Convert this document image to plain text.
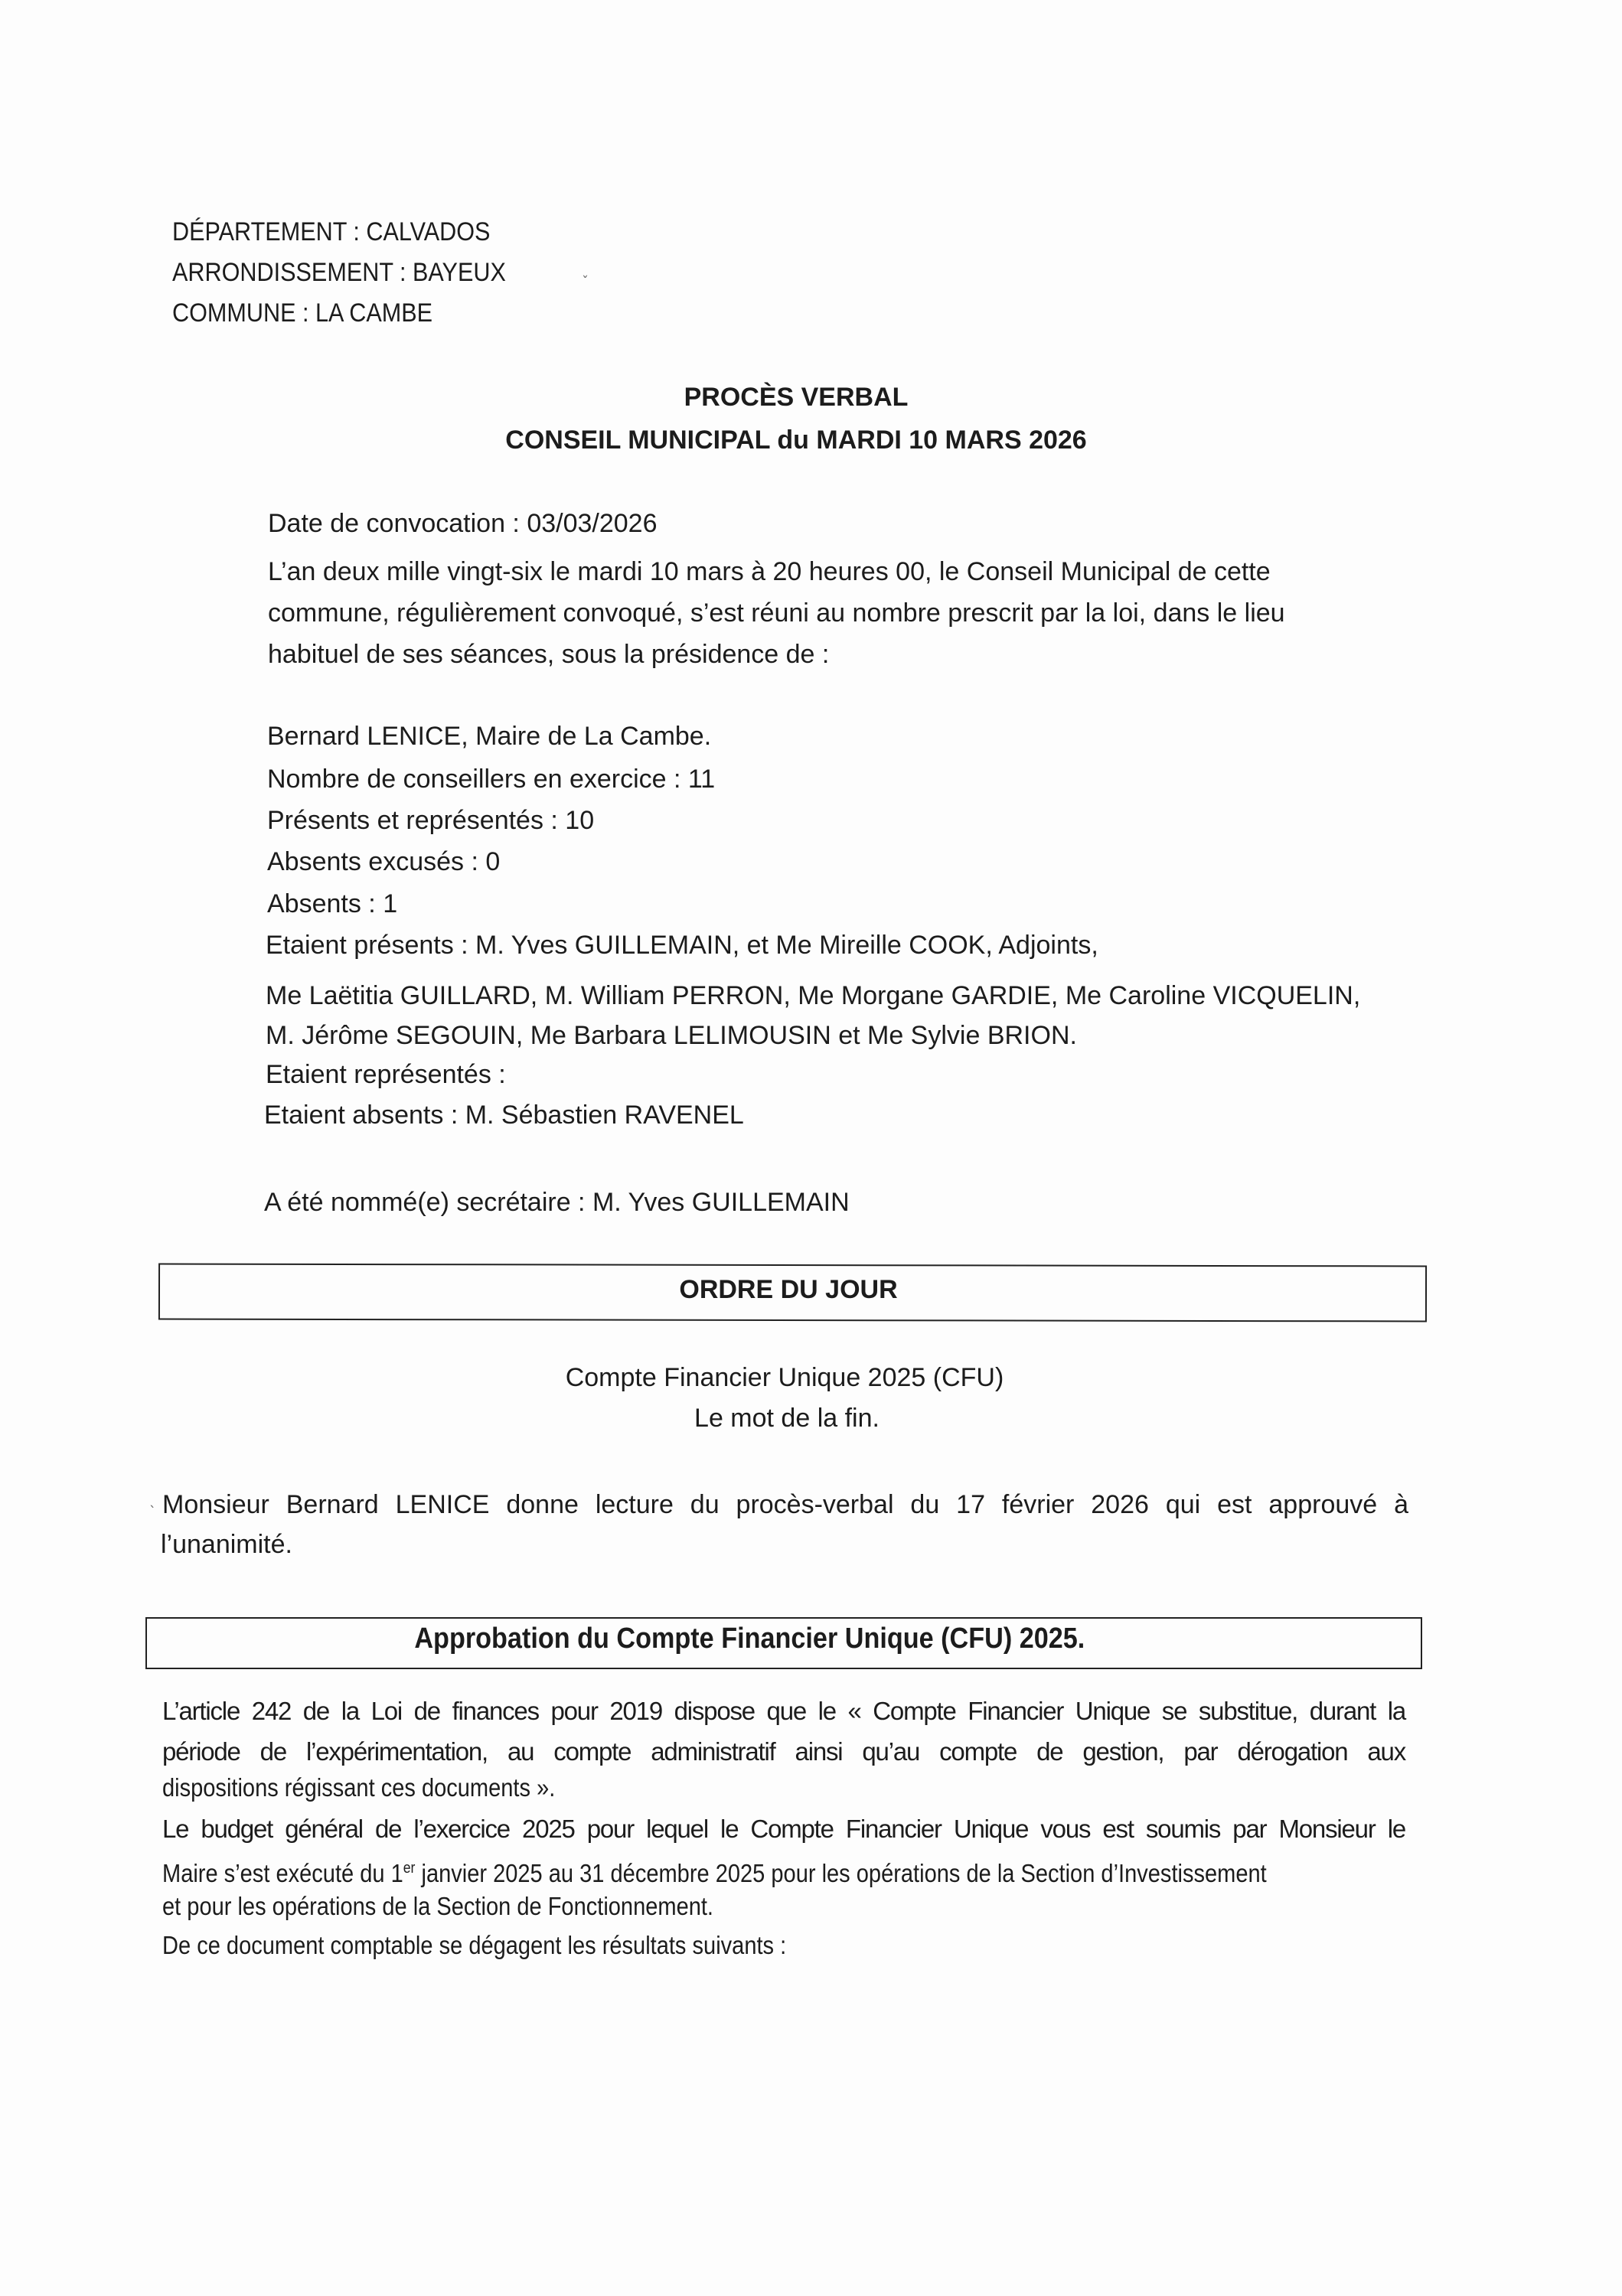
DÉPARTEMENT : CALVADOS
ARRONDISSEMENT : BAYEUX
COMMUNE : LA CAMBE
ˇ
PROCÈS VERBAL
CONSEIL MUNICIPAL du MARDI 10 MARS 2026
Date de convocation : 03/03/2026
L’an deux mille vingt-six le mardi 10 mars à 20 heures 00, le Conseil Municipal de cette
commune, régulièrement convoqué, s’est réuni au nombre prescrit par la loi, dans le lieu
habituel de ses séances, sous la présidence de :
Bernard LENICE, Maire de La Cambe.
Nombre de conseillers en exercice : 11
Présents et représentés : 10
Absents excusés : 0
Absents : 1
Etaient présents : M. Yves GUILLEMAIN, et Me Mireille COOK, Adjoints,
Me Laëtitia GUILLARD, M. William PERRON, Me Morgane GARDIE, Me Caroline VICQUELIN,
M. Jérôme SEGOUIN, Me Barbara LELIMOUSIN et Me Sylvie BRION.
Etaient représentés :
Etaient absents : M. Sébastien RAVENEL
A été nommé(e) secrétaire : M. Yves GUILLEMAIN
ORDRE DU JOUR
Compte Financier Unique 2025 (CFU)
Le mot de la fin.
ˎ Monsieur Bernard LENICE donne lecture du procès-verbal du 17 février 2026 qui est approuvé à
l’unanimité.
Approbation du Compte Financier Unique (CFU) 2025.
L’article 242 de la Loi de finances pour 2019 dispose que le « Compte Financier Unique se substitue, durant la
période de l’expérimentation, au compte administratif ainsi qu’au compte de gestion, par dérogation aux
dispositions régissant ces documents ».
Le budget général de l’exercice 2025 pour lequel le Compte Financier Unique vous est soumis par Monsieur le
Maire s’est exécuté du 1er janvier 2025 au 31 décembre 2025 pour les opérations de la Section d’Investissement
et pour les opérations de la Section de Fonctionnement.
De ce document comptable se dégagent les résultats suivants :
